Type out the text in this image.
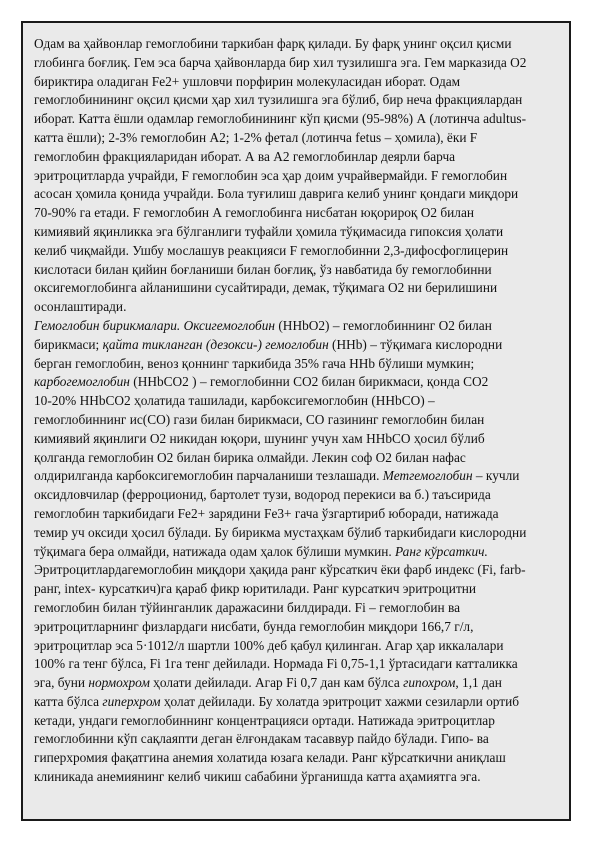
Одам ва ҳайвонлар гемоглобини таркибан фарқ қилади. Бу фарқ унинг оқсил қисми
глобинга боғлиқ. Гем эса барча ҳайвонларда бир хил тузилишга эга. Гем марказида О2
бириктира оладиган Fe2+ ушловчи порфирин молекуласидан иборат. Одам
гемоглобинининг оқсил қисми ҳар хил тузилишга эга бўлиб, бир неча фракциялардан
иборат. Катта ёшли одамлар гемоглобинининг кўп қисми (95-98%) А (лотинча adultus-
катта ёшли); 2-3% гемоглобин А2; 1-2% фетал (лотинча fetus – ҳомила), ёки F
гемоглобин фракцияларидан иборат. А ва А2 гемоглобинлар деярли барча
эритроцитларда учрайди, F гемоглобин эса ҳар доим учрайвермайди. F гемоглобин
асосан ҳомила қонида учрайди. Бола туғилиш даврига келиб унинг қондаги миқдори
70-90% га етади. F гемоглобин А гемоглобинга нисбатан юқорироқ О2 билан
кимиявий яқинликка эга бўлганлиги туфайли ҳомила тўқимасида гипоксия ҳолати
келиб чиқмайди. Ушбу мослашув реакцияси F гемоглобинни 2,3-дифосфоглицерин
кислотаси билан қийин боғланиши билан боғлиқ, ўз навбатида бу гемоглобинни
оксигемоглобинга айланишини сусайтиради, демак, тўқимага О2 ни берилишини
осонлаштиради.
Гемоглобин бирикмалари. Оксигемоглобин (ННbО2) – гемоглобиннинг О2 билан
бирикмаси; қайта тикланган (дезокси-) гемоглобин (ННb) – тўқимага кислородни
берган гемоглобин, веноз қоннинг таркибида 35% гача ННb бўлиши мумкин;
карбогемоглобин (ННbСО2 ) – гемоглобинни СО2 билан бирикмаси, қонда СО2
10-20% ННbСО2 ҳолатида ташилади, карбоксигемоглобин (ННbСО) –
гемоглобиннинг ис(СО) гази билан бирикмаси, СО газининг гемоглобин билан
кимиявий яқинлиги О2 никидан юқори, шунинг учун хам ННbСО ҳосил бўлиб
қолганда гемоглобин О2 билан бирика олмайди. Лекин соф О2 билан нафас
олдирилганда карбоксигемоглобин парчаланиши тезлашади. Метгемоглобин – кучли
оксидловчилар (ферроционид, бартолет тузи, водород перекиси ва б.) таъсирида
гемоглобин таркибидаги Fe2+ зарядини Fe3+ гача ўзгартириб юборади, натижада
темир уч оксиди ҳосил бўлади. Бу бирикма мустаҳкам бўлиб таркибидаги кислородни
тўқимага бера олмайди, натижада одам ҳалок бўлиши мумкин. Ранг кўрсаткич.
Эритроцитлардагемоглобин миқдори ҳақида ранг кўрсаткич ёки фарб индекс (Fi, farb-
ранг, intex- курсаткич)га қараб фикр юритилади. Ранг курсаткич эритроцитни
гемоглобин билан тўйинганлик даражасини билдиради. Fi – гемоглобин ва
эритроцитларнинг физлардаги нисбати, бунда гемоглобин миқдори 166,7 г/л,
эритроцитлар эса 5·1012/л шартли 100% деб қабул қилинган. Агар ҳар иккалалари
100% га тенг бўлса, Fi 1га тенг дейилади. Нормада Fi 0,75-1,1 ўртасидаги катталикка
эга, буни нормохром ҳолати дейилади. Агар Fi 0,7 дан кам бўлса гипохром, 1,1 дан
катта бўлса гиперхром ҳолат дейилади. Бу холатда эритроцит хажми сезиларли ортиб
кетади, ундаги гемоглобиннинг концентрацияси ортади. Натижада эритроцитлар
гемоглобинни кўп сақлаяпти деган ёлғондакам тасаввур пайдо бўлади. Гипо- ва
гиперхромия фақатгина анемия холатида юзага келади. Ранг кўрсаткични аниқлаш
клиникада анемиянинг келиб чикиш сабабини ўрганишда катта аҳамиятга эга.
